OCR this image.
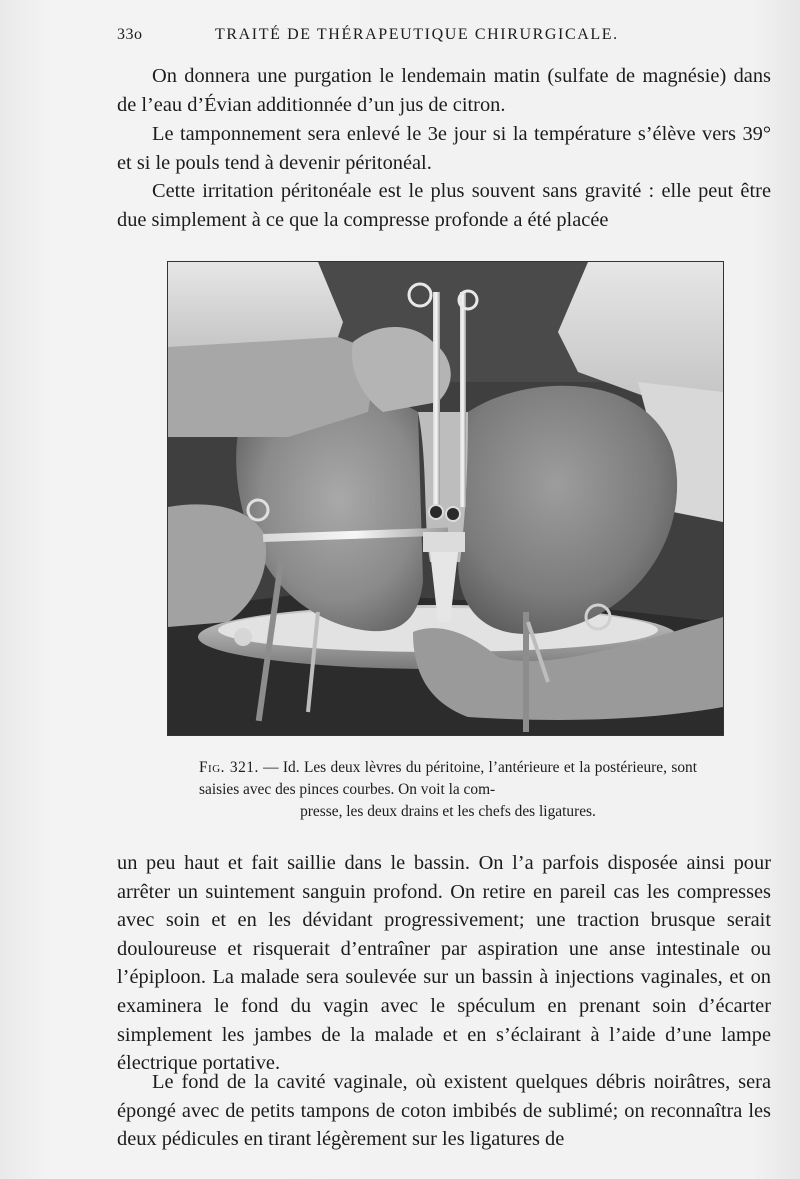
33o	TRAITÉ DE THÉRAPEUTIQUE CHIRURGICALE.

On donnera une purgation le lendemain matin (sulfate de magnésie) dans de l’eau d’Évian additionnée d’un jus de citron.

Le tamponnement sera enlevé le 3e jour si la température s’élève vers 39° et si le pouls tend à devenir péritonéal.

Cette irritation péritonéale est le plus souvent sans gravité : elle peut être due simplement à ce que la compresse profonde a été placée

Fig. 321. — Id. Les deux lèvres du péritoine, l’antérieure et la postérieure, sont saisies avec des pinces courbes. On voit la com-
presse, les deux drains et les chefs des ligatures.

un peu haut et fait saillie dans le bassin. On l’a parfois disposée ainsi pour arrêter un suintement sanguin profond. On retire en pareil cas les compresses avec soin et en les dévidant progressivement; une traction brusque serait douloureuse et risquerait d’entraîner par aspiration une anse intestinale ou l’épiploon. La malade sera soulevée sur un bassin à injections vaginales, et on examinera le fond du vagin avec le spéculum en prenant soin d’écarter simplement les jambes de la malade et en s’éclairant à l’aide d’une lampe électrique portative.

Le fond de la cavité vaginale, où existent quelques débris noirâtres, sera épongé avec de petits tampons de coton imbibés de sublimé; on reconnaîtra les deux pédicules en tirant légèrement sur les ligatures de
